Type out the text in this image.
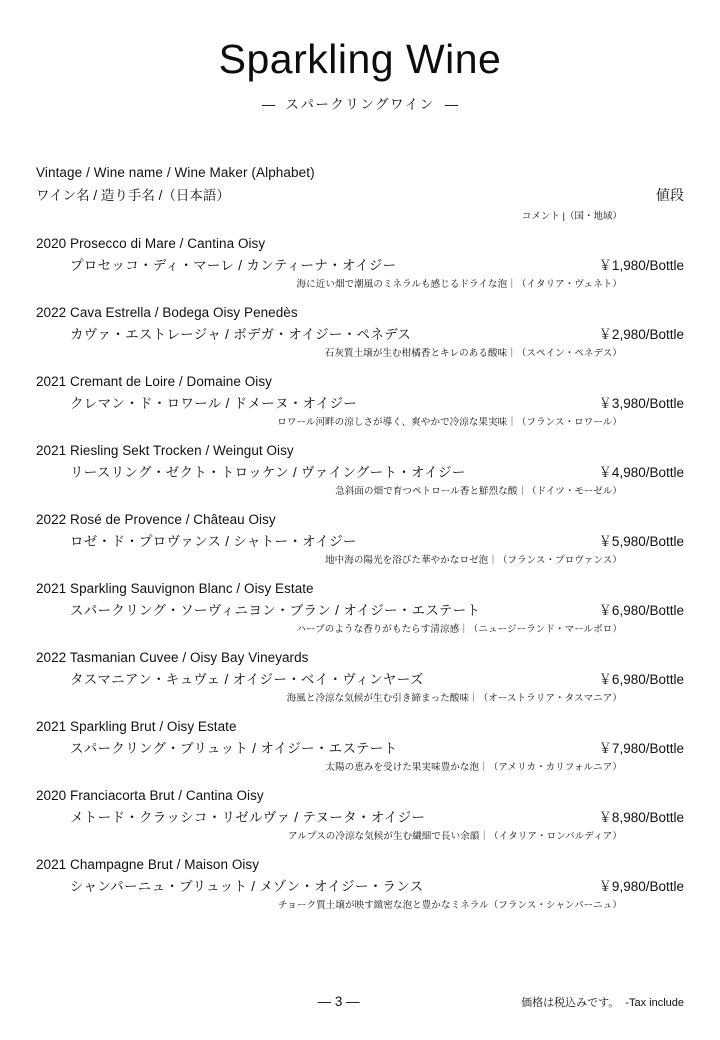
Sparkling Wine
— スパークリングワイン —
Vintage / Wine name / Wine Maker (Alphabet)
ワイン名 / 造り手名 /（日本語）	値段
コメント |（国・地域）
2020 Prosecco di Mare / Cantina Oisy
プロセッコ・ディ・マーレ / カンティーナ・オイジー	￥1,980/Bottle
海に近い畑で潮風のミネラルも感じるドライな泡｜（イタリア・ヴェネト）
2022 Cava Estrella / Bodega Oisy Penedès
カヴァ・エストレージャ / ボデガ・オイジー・ペネデス	￥2,980/Bottle
石灰質土壌が生む柑橘香とキレのある酸味｜（スペイン・ペネデス）
2021 Cremant de Loire / Domaine Oisy
クレマン・ド・ロワール / ドメーヌ・オイジー	￥3,980/Bottle
ロワール河畔の涼しさが導く、爽やかで冷涼な果実味｜（フランス・ロワール）
2021 Riesling Sekt Trocken / Weingut Oisy
リースリング・ゼクト・トロッケン / ヴァイングート・オイジー	￥4,980/Bottle
急斜面の畑で育つペトロール香と鮮烈な酸｜（ドイツ・モーゼル）
2022 Rosé de Provence / Château Oisy
ロゼ・ド・プロヴァンス / シャトー・オイジー	￥5,980/Bottle
地中海の陽光を浴びた華やかなロゼ泡｜（フランス・プロヴァンス）
2021 Sparkling Sauvignon Blanc / Oisy Estate
スパークリング・ソーヴィニヨン・ブラン / オイジー・エステート	￥6,980/Bottle
ハーブのような香りがもたらす清涼感｜（ニュージーランド・マールボロ）
2022 Tasmanian Cuvee / Oisy Bay Vineyards
タスマニアン・キュヴェ / オイジー・ベイ・ヴィンヤーズ	￥6,980/Bottle
海風と冷涼な気候が生む引き締まった酸味｜（オーストラリア・タスマニア）
2021 Sparkling Brut / Oisy Estate
スパークリング・ブリュット / オイジー・エステート	￥7,980/Bottle
太陽の恵みを受けた果実味豊かな泡｜（アメリカ・カリフォルニア）
2020 Franciacorta Brut / Cantina Oisy
メトード・クラッシコ・リゼルヴァ / テヌータ・オイジー	￥8,980/Bottle
アルプスの冷涼な気候が生む繊細で長い余韻｜（イタリア・ロンバルディア）
2021 Champagne Brut / Maison Oisy
シャンパーニュ・ブリュット / メゾン・オイジー・ランス	￥9,980/Bottle
チョーク質土壌が映す緻密な泡と豊かなミネラル（フランス・シャンパーニュ）
— 3 —	価格は税込みです。 -Tax include
